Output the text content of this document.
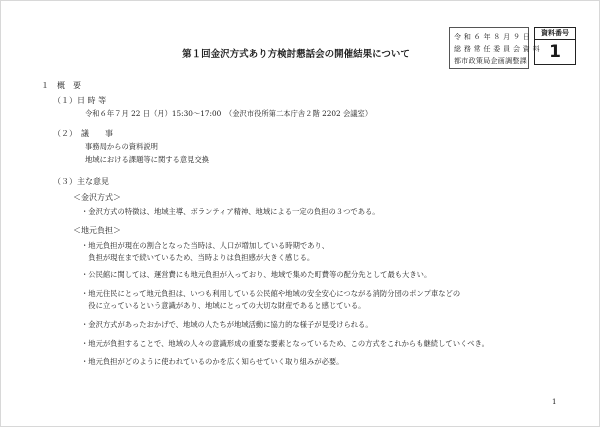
令 和 ６ 年 ８ 月 ９ 日
総 務 常 任 委 員 会 資 料
都市政策局企画調整課
資料番号
1
第１回金沢方式あり方検討懇話会の開催結果について
１　概　要
（１）日 時 等
令和６年７月 22 日（月）15:30～17:00　（金沢市役所第二本庁舎２階 2202 会議室）
（２）　議　　事
事務局からの資料説明
地域における課題等に関する意見交換
（３）主な意見
＜金沢方式＞
・金沢方式の特徴は、地域主導、ボランティア精神、地域による一定の負担の３つである。
＜地元負担＞
・地元負担が現在の割合となった当時は、人口が増加している時期であり、
　負担が現在まで続いているため、当時よりは負担感が大きく感じる。
・公民館に関しては、運営費にも地元負担が入っており、地域で集めた町費等の配分先として最も大きい。
・地元住民にとって地元負担は、いつも利用している公民館や地域の安全安心につながる消防分団のポンプ車などの
　役に立っているという意識があり、地域にとっての大切な財産であると感じている。
・金沢方式があったおかげで、地域の人たちが地域活動に協力的な様子が見受けられる。
・地元が負担することで、地域の人々の意識形成の重要な要素となっているため、この方式をこれからも継続していくべき。
・地元負担がどのように使われているのかを広く知らせていく取り組みが必要。
1
